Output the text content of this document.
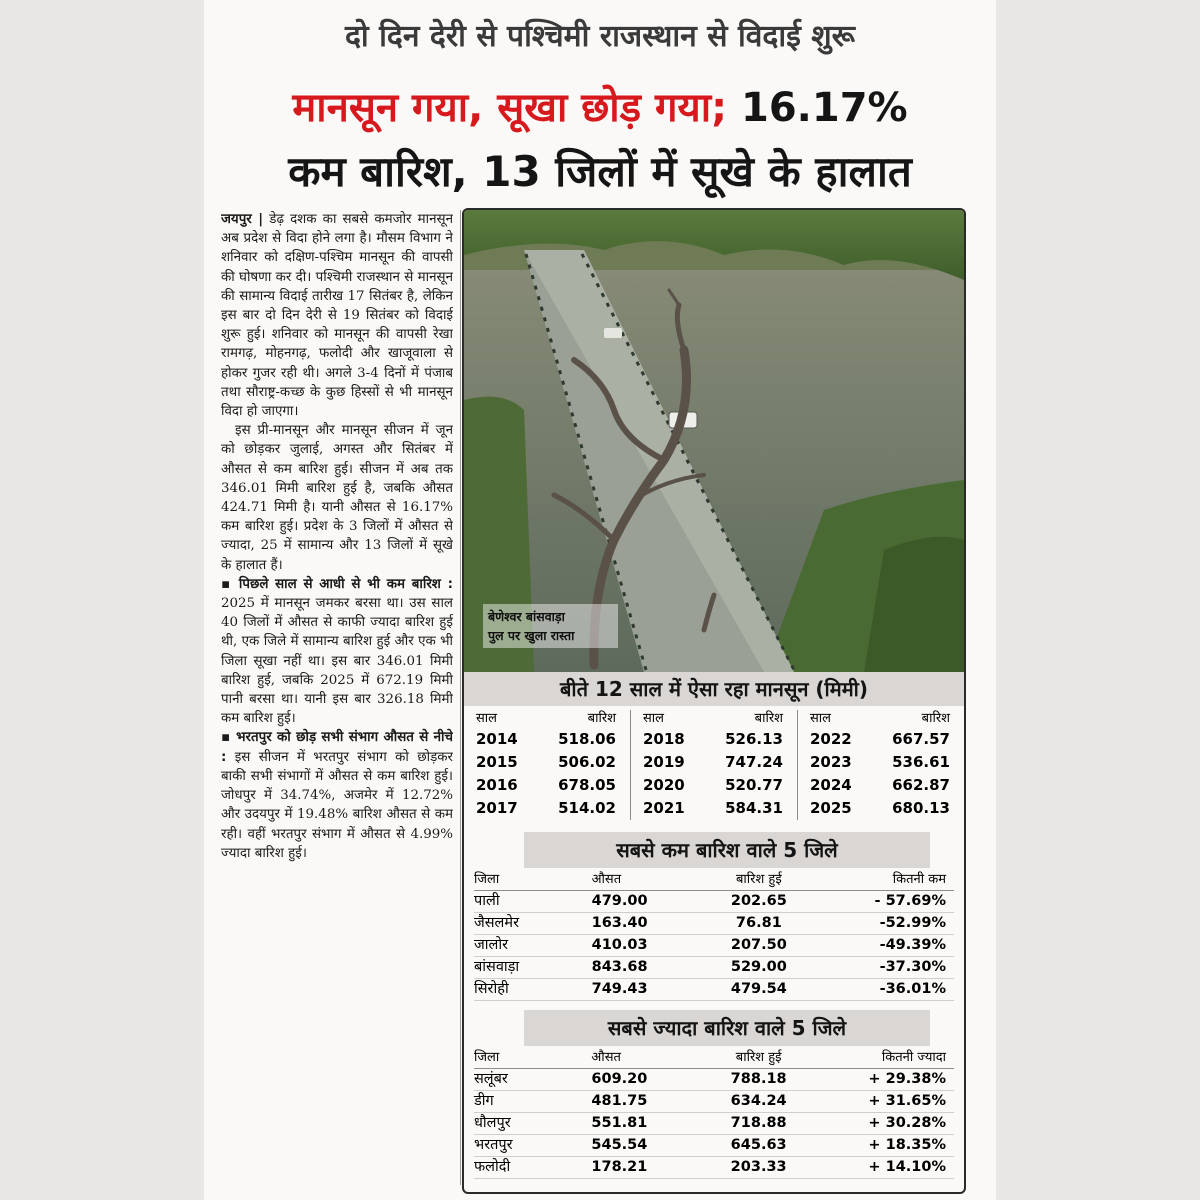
दो दिन देरी से पश्चिमी राजस्थान से विदाई शुरू
मानसून गया, सूखा छोड़ गया; 16.17%
कम बारिश, 13 जिलों में सूखे के हालात

जयपुर | डेढ़ दशक का सबसे कमजोर मानसून अब प्रदेश से विदा होने लगा है। मौसम विभाग ने शनिवार को दक्षिण-पश्चिम मानसून की वापसी की घोषणा कर दी। पश्चिमी राजस्थान से मानसून की सामान्य विदाई तारीख 17 सितंबर है, लेकिन इस बार दो दिन देरी से 19 सितंबर को विदाई शुरू हुई। शनिवार को मानसून की वापसी रेखा रामगढ़, मोहनगढ़, फलोदी और खाजूवाला से होकर गुजर रही थी। अगले 3-4 दिनों में पंजाब तथा सौराष्ट्र-कच्छ के कुछ हिस्सों से भी मानसून विदा हो जाएगा।

इस प्री-मानसून और मानसून सीजन में जून को छोड़कर जुलाई, अगस्त और सितंबर में औसत से कम बारिश हुई। सीजन में अब तक 346.01 मिमी बारिश हुई है, जबकि औसत 424.71 मिमी है। यानी औसत से 16.17% कम बारिश हुई। प्रदेश के 3 जिलों में औसत से ज्यादा, 25 में सामान्य और 13 जिलों में सूखे के हालात हैं।

▪ पिछले साल से आधी से भी कम बारिश : 2025 में मानसून जमकर बरसा था। उस साल 40 जिलों में औसत से काफी ज्यादा बारिश हुई थी, एक जिले में सामान्य बारिश हुई और एक भी जिला सूखा नहीं था। इस बार 346.01 मिमी बारिश हुई, जबकि 2025 में 672.19 मिमी पानी बरसा था। यानी इस बार 326.18 मिमी कम बारिश हुई।

▪ भरतपुर को छोड़ सभी संभाग औसत से नीचे : इस सीजन में भरतपुर संभाग को छोड़कर बाकी सभी संभागों में औसत से कम बारिश हुई। जोधपुर में 34.74%, अजमेर में 12.72% और उदयपुर में 19.48% बारिश औसत से कम रही। वहीं भरतपुर संभाग में औसत से 4.99% ज्यादा बारिश हुई।

बेणेश्वर बांसवाड़ा
पुल पर खुला रास्ता
बीते 12 साल में ऐसा रहा मानसून (मिमी)
साल	बारिश	साल	बारिश	साल	बारिश
2014	518.06	2018	526.13	2022	667.57
2015	506.02	2019	747.24	2023	536.61
2016	678.05	2020	520.77	2024	662.87
2017	514.02	2021	584.31	2025	680.13
सबसे कम बारिश वाले 5 जिले
जिला	औसत	बारिश हुई	कितनी कम
पाली	479.00	202.65	- 57.69%
जैसलमेर	163.40	76.81	-52.99%
जालोर	410.03	207.50	-49.39%
बांसवाड़ा	843.68	529.00	-37.30%
सिरोही	749.43	479.54	-36.01%
सबसे ज्यादा बारिश वाले 5 जिले
जिला	औसत	बारिश हुई	कितनी ज्यादा
सलूंबर	609.20	788.18	+ 29.38%
डीग	481.75	634.24	+ 31.65%
धौलपुर	551.81	718.88	+ 30.28%
भरतपुर	545.54	645.63	+ 18.35%
फलोदी	178.21	203.33	+ 14.10%
